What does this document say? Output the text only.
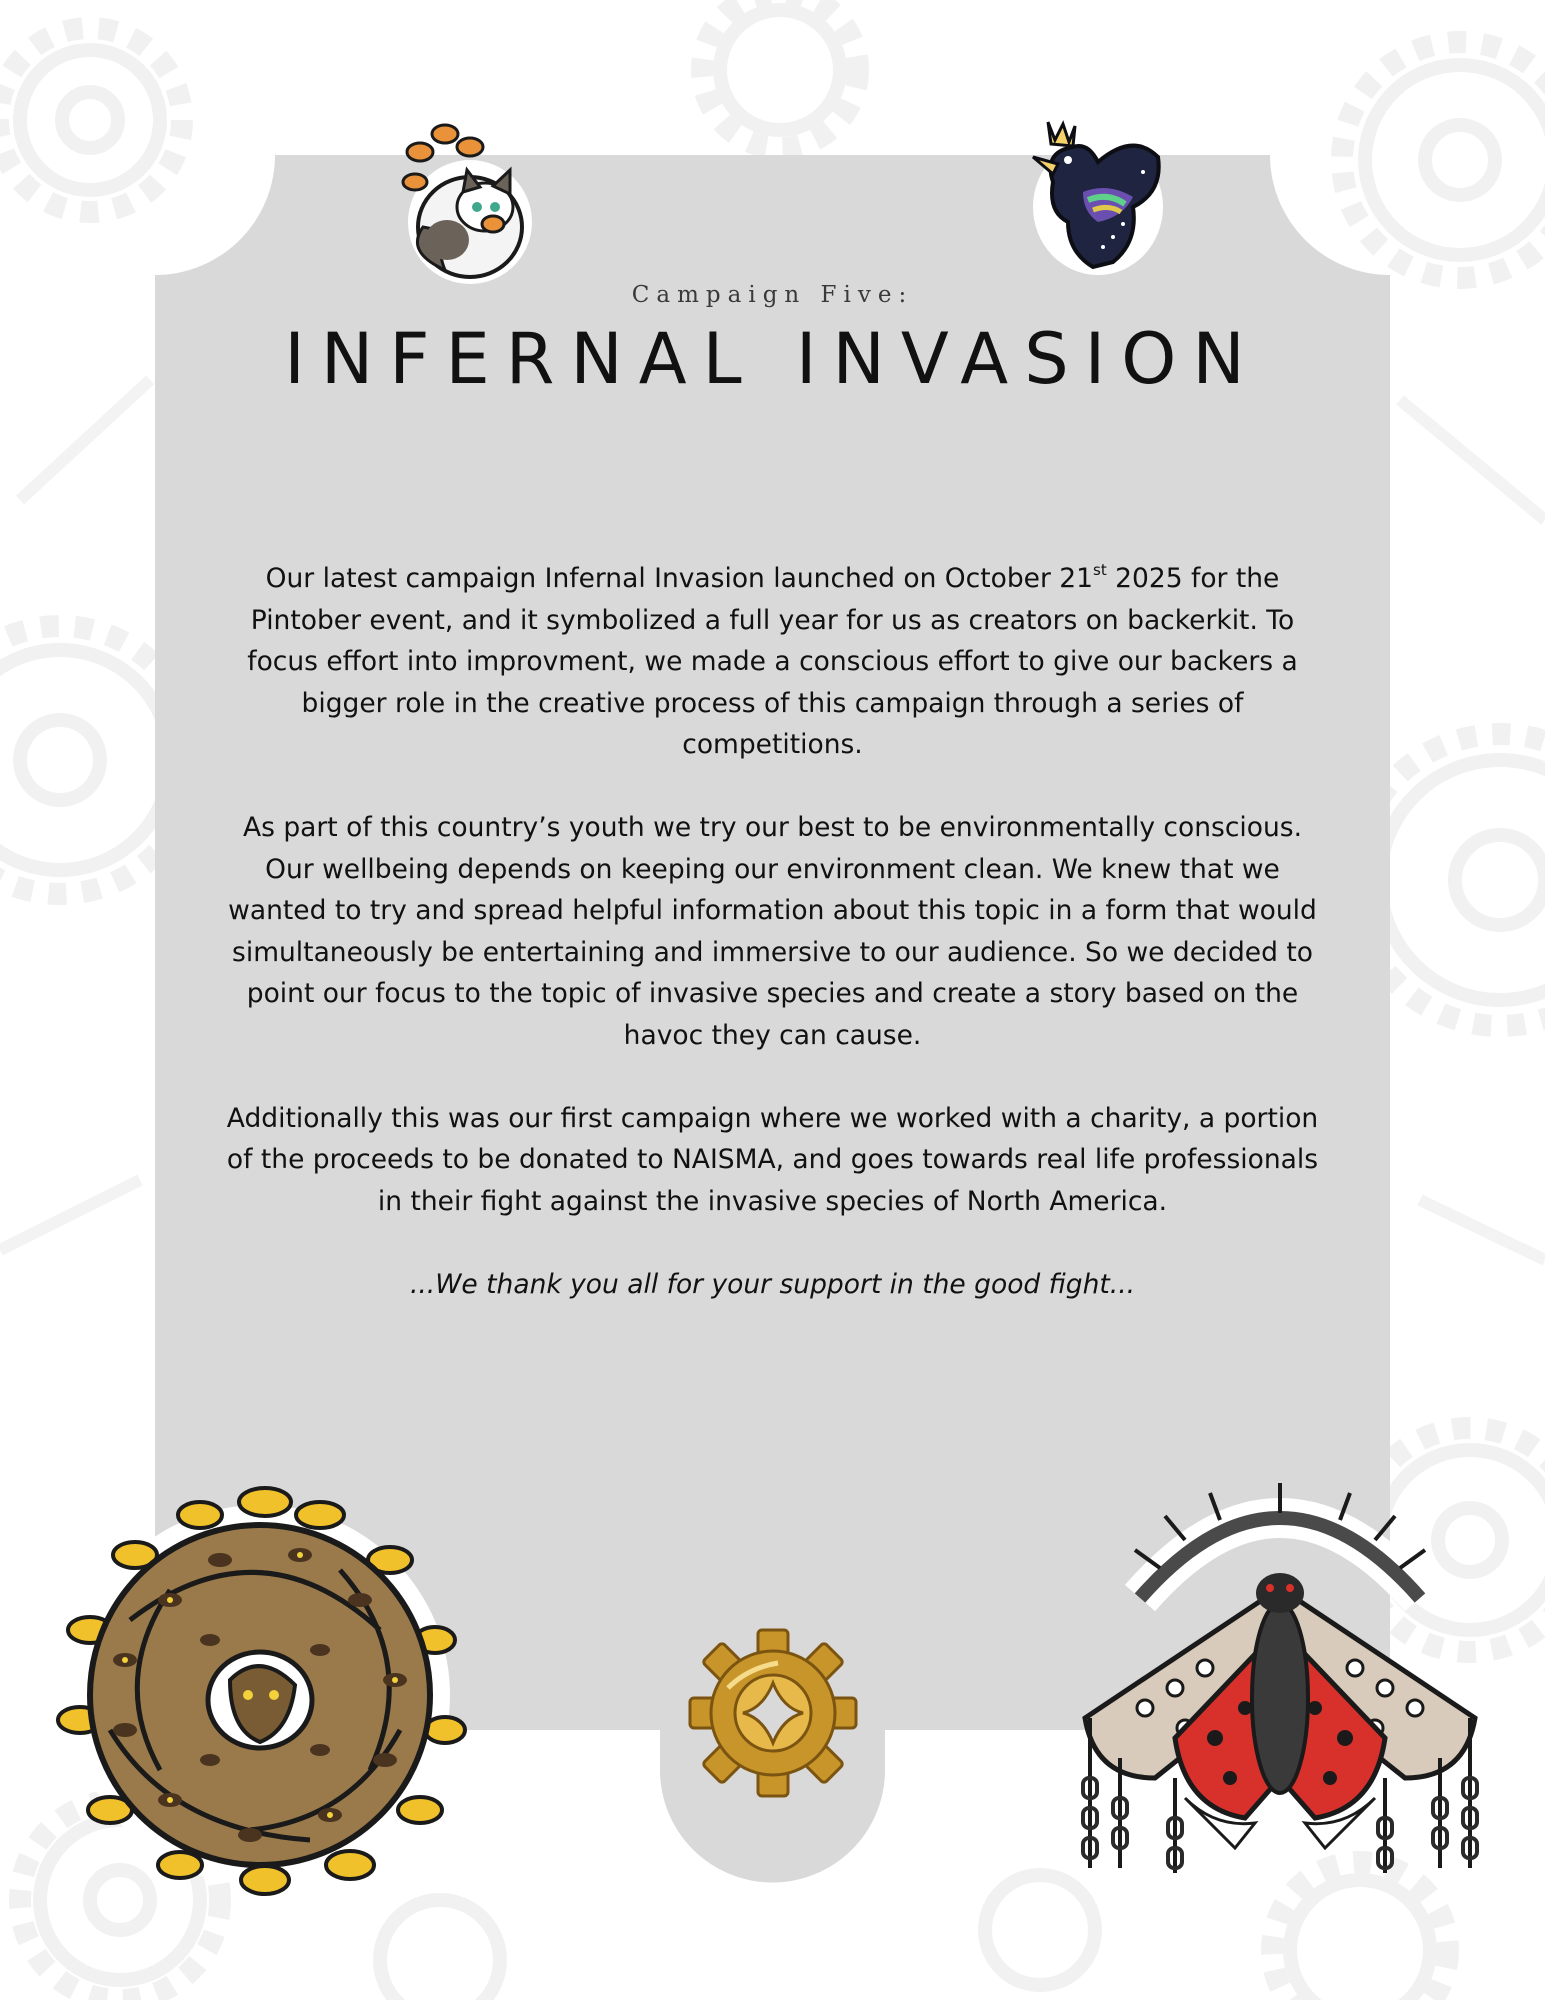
Campaign Five:
INFERNAL INVASION

Our latest campaign Infernal Invasion launched on October 21st 2025 for the Pintober event, and it symbolized a full year for us as creators on backerkit. To focus effort into improvment, we made a conscious effort to give our backers a bigger role in the creative process of this campaign through a series of competitions.

As part of this country’s youth we try our best to be environmentally conscious. Our wellbeing depends on keeping our environment clean. We knew that we wanted to try and spread helpful information about this topic in a form that would simultaneously be entertaining and immersive to our audience. So we decided to point our focus to the topic of invasive species and create a story based on the havoc they can cause.

Additionally this was our first campaign where we worked with a charity, a portion of the proceeds to be donated to NAISMA, and goes towards real life professionals in their fight against the invasive species of North America.

...We thank you all for your support in the good fight...
